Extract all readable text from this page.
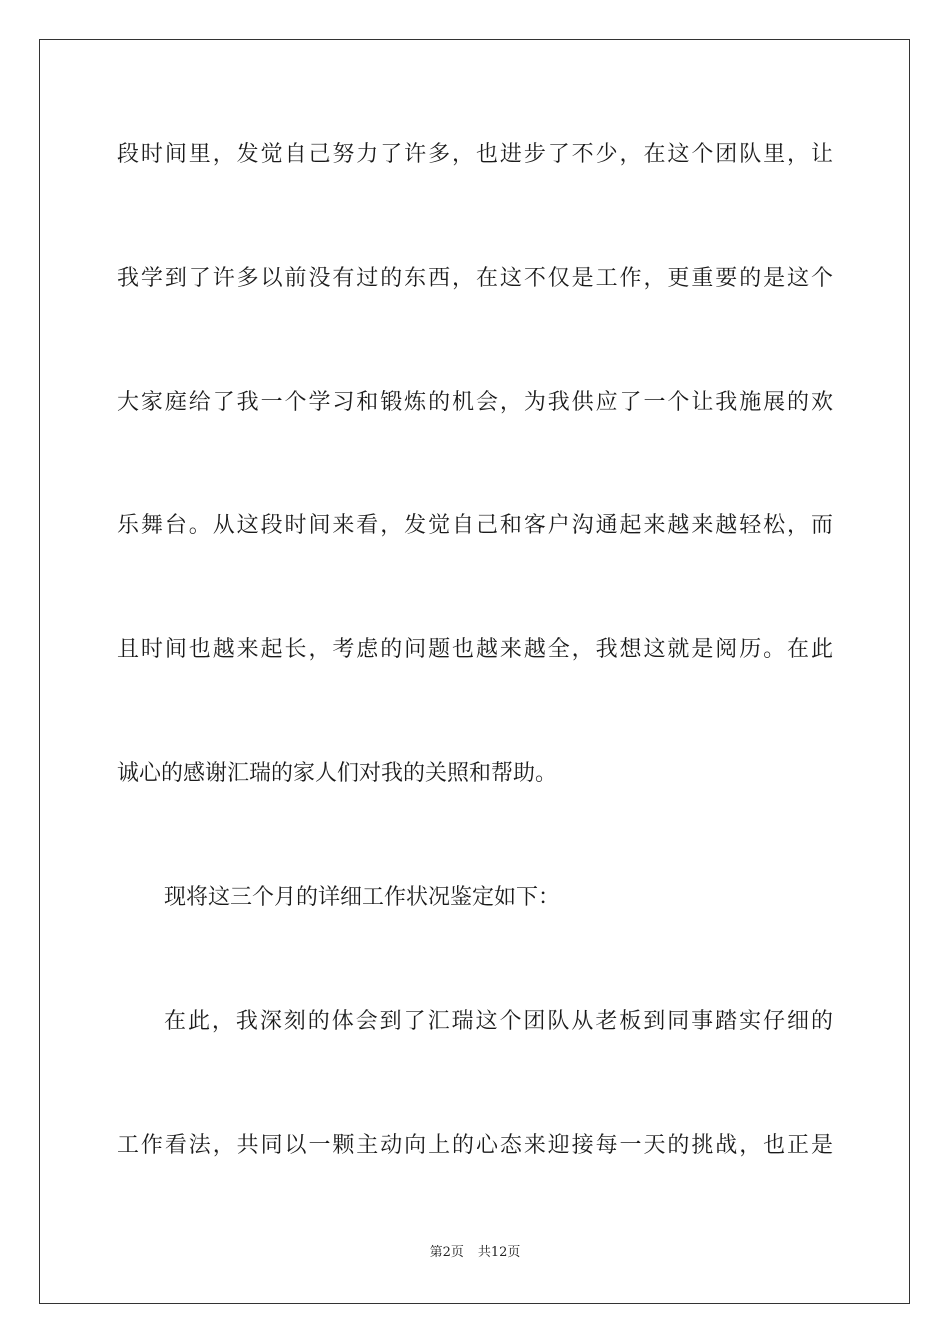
段时间里，发觉自己努力了许多，也进步了不少，在这个团队里，让
我学到了许多以前没有过的东西，在这不仅是工作，更重要的是这个
大家庭给了我一个学习和锻炼的机会，为我供应了一个让我施展的欢
乐舞台。从这段时间来看，发觉自己和客户沟通起来越来越轻松，而
且时间也越来起长，考虑的问题也越来越全，我想这就是阅历。在此
诚心的感谢汇瑞的家人们对我的关照和帮助。
现将这三个月的详细工作状况鉴定如下：
在此，我深刻的体会到了汇瑞这个团队从老板到同事踏实仔细的
工作看法，共同以一颗主动向上的心态来迎接每一天的挑战，也正是
第2页 共12页
